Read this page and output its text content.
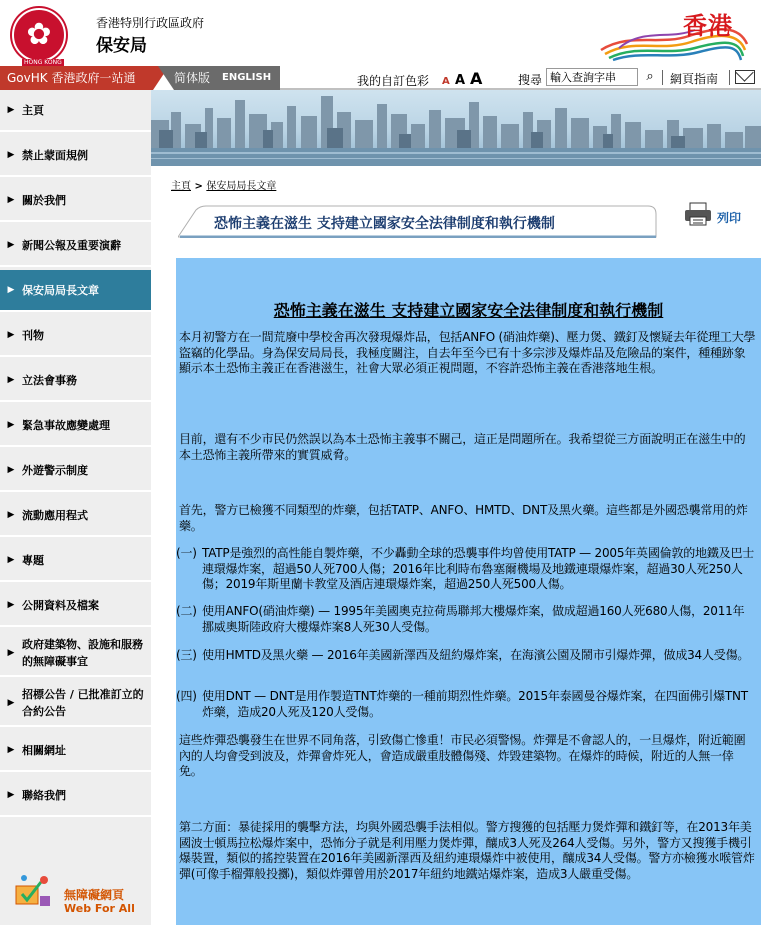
✿
HONG KONG
香港特別行政區政府
保安局
香港
GovHK 香港政府一站通	简体版 ENGLISH	我的自訂色彩 A A A	搜尋
輸入查詢字串	⌕	網頁指南
▶ 主頁
▶ 禁止蒙面規例
▶ 關於我們
▶ 新聞公報及重要演辭
▶ 保安局局長文章
▶ 刊物
▶ 立法會事務
▶ 緊急事故應變處理
▶ 外遊警示制度
▶ 流動應用程式
▶ 專題
▶ 公開資料及檔案
▶
政府建築物、設施和服務的無障礙事宜
▶
招標公告 / 已批准訂立的合約公告
▶ 相關網址
▶ 聯絡我們
無障礙網頁
Web For All
主頁 > 保安局局長文章
恐怖主義在滋生 支持建立國家安全法律制度和執行機制	列印
恐怖主義在滋生 支持建立國家安全法律制度和執行機制
本月初警方在一間荒廢中學校舍再次發現爆炸品，包括ANFO (硝油炸藥)、壓力煲、鐵釘及懷疑去年從理工大學盜竊的化學品。身為保安局局長，我極度關注，自去年至今已有十多宗涉及爆炸品及危險品的案件，種種跡象顯示本土恐怖主義正在香港滋生，社會大眾必須正視問題，不容許恐怖主義在香港落地生根。
目前，還有不少市民仍然誤以為本土恐怖主義事不關己，這正是問題所在。我希望從三方面說明正在滋生中的本土恐怖主義所帶來的實質威脅。
首先，警方已檢獲不同類型的炸藥，包括TATP、ANFO、HMTD、DNT及黑火藥。這些都是外國恐襲常用的炸藥。
(一) TATP是強烈的高性能自製炸藥，不少轟動全球的恐襲事件均曾使用TATP — 2005年英國倫敦的地鐵及巴士連環爆炸案，超過50人死700人傷；2016年比利時布魯塞爾機場及地鐵連環爆炸案，超過30人死250人傷；2019年斯里蘭卡教堂及酒店連環爆炸案，超過250人死500人傷。
(二) 使用ANFO(硝油炸藥) — 1995年美國奧克拉荷馬聯邦大樓爆炸案，做成超過160人死680人傷，2011年挪威奧斯陸政府大樓爆炸案8人死30人受傷。
(三) 使用HMTD及黑火藥 — 2016年美國新澤西及紐約爆炸案，在海濱公園及鬧市引爆炸彈，做成34人受傷。
(四) 使用DNT — DNT是用作製造TNT炸藥的一種前期烈性炸藥。2015年泰國曼谷爆炸案，在四面佛引爆TNT炸藥，造成20人死及120人受傷。
這些炸彈恐襲發生在世界不同角落，引致傷亡慘重！市民必須警惕。炸彈是不會認人的，一旦爆炸，附近範圍內的人均會受到波及，炸彈會炸死人，會造成嚴重肢體傷殘、炸毀建築物。在爆炸的時候，附近的人無一倖免。
第二方面：暴徒採用的襲擊方法，均與外國恐襲手法相似。警方搜獲的包括壓力煲炸彈和鐵釘等，在2013年美國波士頓馬拉松爆炸案中，恐怖分子就是利用壓力煲炸彈，釀成3人死及264人受傷。另外，警方又搜獲手機引爆裝置，類似的搖控裝置在2016年美國新澤西及紐約連環爆炸中被使用，釀成34人受傷。警方亦檢獲水喉管炸彈(可像手榴彈般投擲)，類似炸彈曾用於2017年紐約地鐵站爆炸案，造成3人嚴重受傷。
